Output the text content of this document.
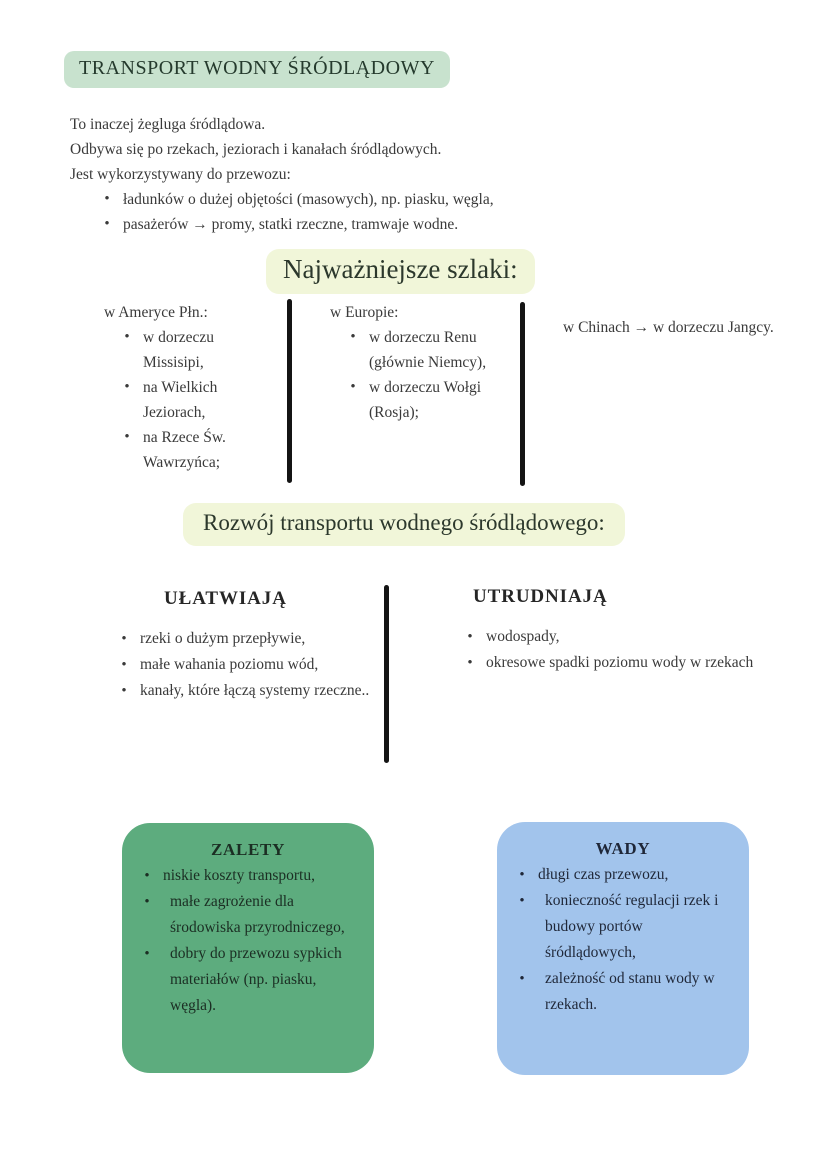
TRANSPORT WODNY ŚRÓDLĄDOWY
To inaczej żegluga śródlądowa.
Odbywa się po rzekach, jeziorach i kanałach śródlądowych.
Jest wykorzystywany do przewozu:
• ładunków o dużej objętości (masowych), np. piasku, węgla,
• pasażerów → promy, statki rzeczne, tramwaje wodne.
Najważniejsze szlaki:
w Ameryce Płn.:
• w dorzeczu Missisipi,
• na Wielkich Jeziorach,
• na Rzece Św. Wawrzyńca;
w Europie:
• w dorzeczu Renu (głównie Niemcy),
• w dorzeczu Wołgi (Rosja);
w Chinach → w dorzeczu Jangcy.
Rozwój transportu wodnego śródlądowego:
UŁATWIAJĄ
• rzeki o dużym przepływie,
• małe wahania poziomu wód,
• kanały, które łączą systemy rzeczne..
UTRUDNIAJĄ
• wodospady,
• okresowe spadki poziomu wody w rzekach
ZALETY
• niskie koszty transportu,
•	małe zagrożenie dla środowiska przyrodniczego,
•	dobry do przewozu sypkich materiałów (np. piasku, węgla).
WADY
• długi czas przewozu,
•	konieczność regulacji rzek i budowy portów śródlądowych,
•	zależność od stanu wody w rzekach.
